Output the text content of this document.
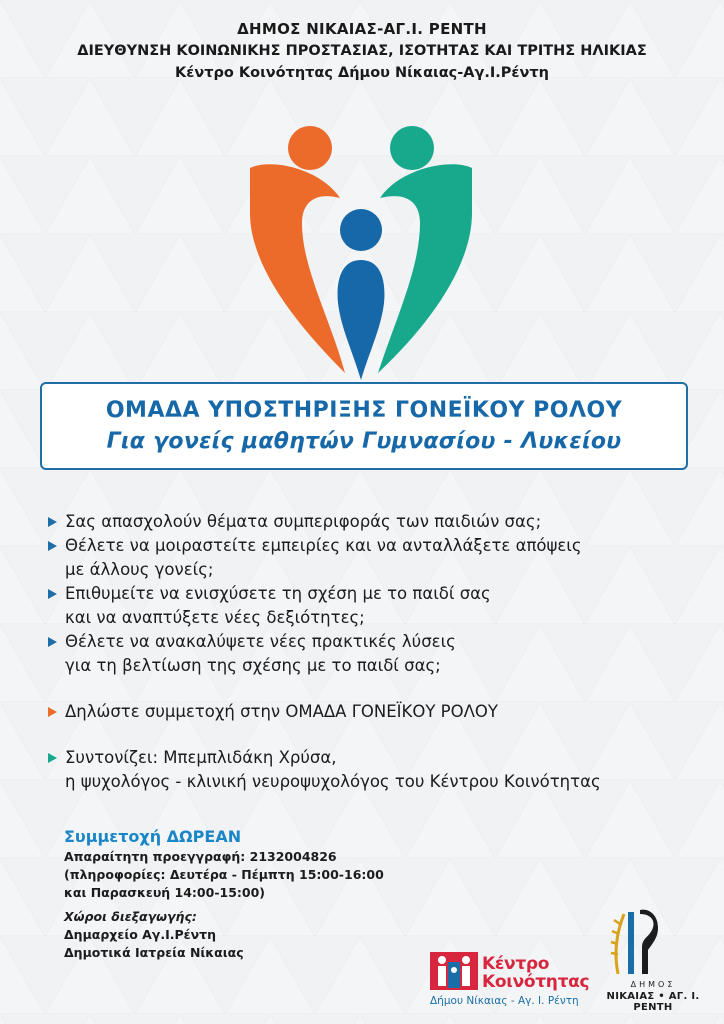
ΔΗΜΟΣ ΝΙΚΑΙΑΣ-ΑΓ.Ι. ΡΕΝΤΗ
ΔΙΕΥΘΥΝΣΗ ΚΟΙΝΩΝΙΚΗΣ ΠΡΟΣΤΑΣΙΑΣ, ΙΣΟΤΗΤΑΣ ΚΑΙ ΤΡΙΤΗΣ ΗΛΙΚΙΑΣ
Κέντρο Κοινότητας Δήμου Νίκαιας-Αγ.Ι.Ρέντη
ΟΜΑΔΑ ΥΠΟΣΤΗΡΙΞΗΣ ΓΟΝΕΪΚΟΥ ΡΟΛΟΥ
Για γονείς μαθητών Γυμνασίου - Λυκείου
Σας απασχολούν θέματα συμπεριφοράς των παιδιών σας;
Θέλετε να μοιραστείτε εμπειρίες και να ανταλλάξετε απόψεις
με άλλους γονείς;
Επιθυμείτε να ενισχύσετε τη σχέση με το παιδί σας
και να αναπτύξετε νέες δεξιότητες;
Θέλετε να ανακαλύψετε νέες πρακτικές λύσεις
για τη βελτίωση της σχέσης με το παιδί σας;
Δηλώστε συμμετοχή στην ΟΜΑΔΑ ΓΟΝΕΪΚΟΥ ΡΟΛΟΥ
Συντονίζει: Μπεμπλιδάκη Χρύσα,
η ψυχολόγος - κλινική νευροψυχολόγος του Κέντρου Κοινότητας
Συμμετοχή ΔΩΡΕΑΝ
Απαραίτητη προεγγραφή: 2132004826
(πληροφορίες: Δευτέρα - Πέμπτη 15:00-16:00
και Παρασκευή 14:00-15:00)
Χώροι διεξαγωγής:
Δημαρχείο Αγ.Ι.Ρέντη
Δημοτικά Ιατρεία Νίκαιας
Κέντρο
Κοινότητας
Δήμου Νίκαιας - Αγ. Ι. Ρέντη
ΔΗΜΟΣ
ΝΙΚΑΙΑΣ • ΑΓ. Ι. ΡΕΝΤΗ
